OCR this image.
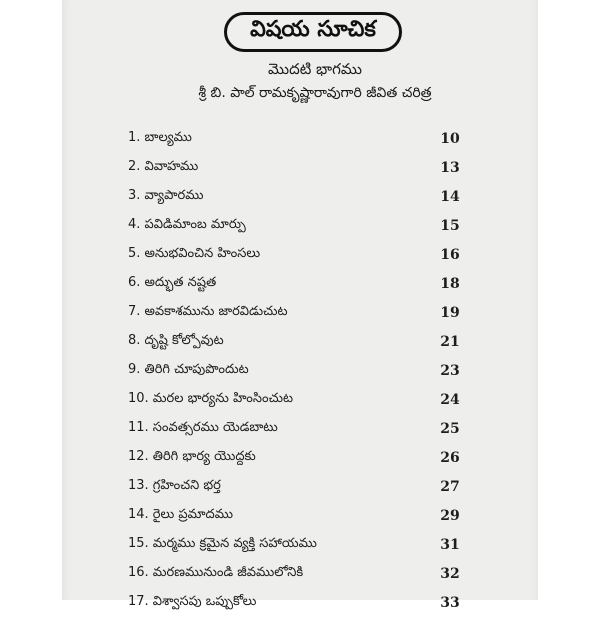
విషయ సూచిక
మొదటి భాగము
శ్రీ బి. పాల్ రామకృష్ణారావుగారి జీవిత చరిత్ర
1. బాల్యము	10
2. వివాహము	13
3. వ్యాపారము	14
4. పవిడిమాంబ మార్పు	15
5. అనుభవించిన హింసలు	16
6. అద్భుత నష్టత	18
7. అవకాశమును జారవిడుచుట	19
8. దృష్టి కోల్పోవుట	21
9. తిరిగి చూపుపొందుట	23
10. మరల భార్యను హింసించుట	24
11. సంవత్సరము యెడబాటు	25
12. తిరిగి భార్య యొద్దకు	26
13. గ్రహించని భర్త	27
14. రైలు ప్రమాదము	29
15. మర్మము క్రమైన వ్యక్తి సహాయము	31
16. మరణమునుండి జీవములోనికి	32
17. విశ్వాసపు ఒప్పుకోలు	33
